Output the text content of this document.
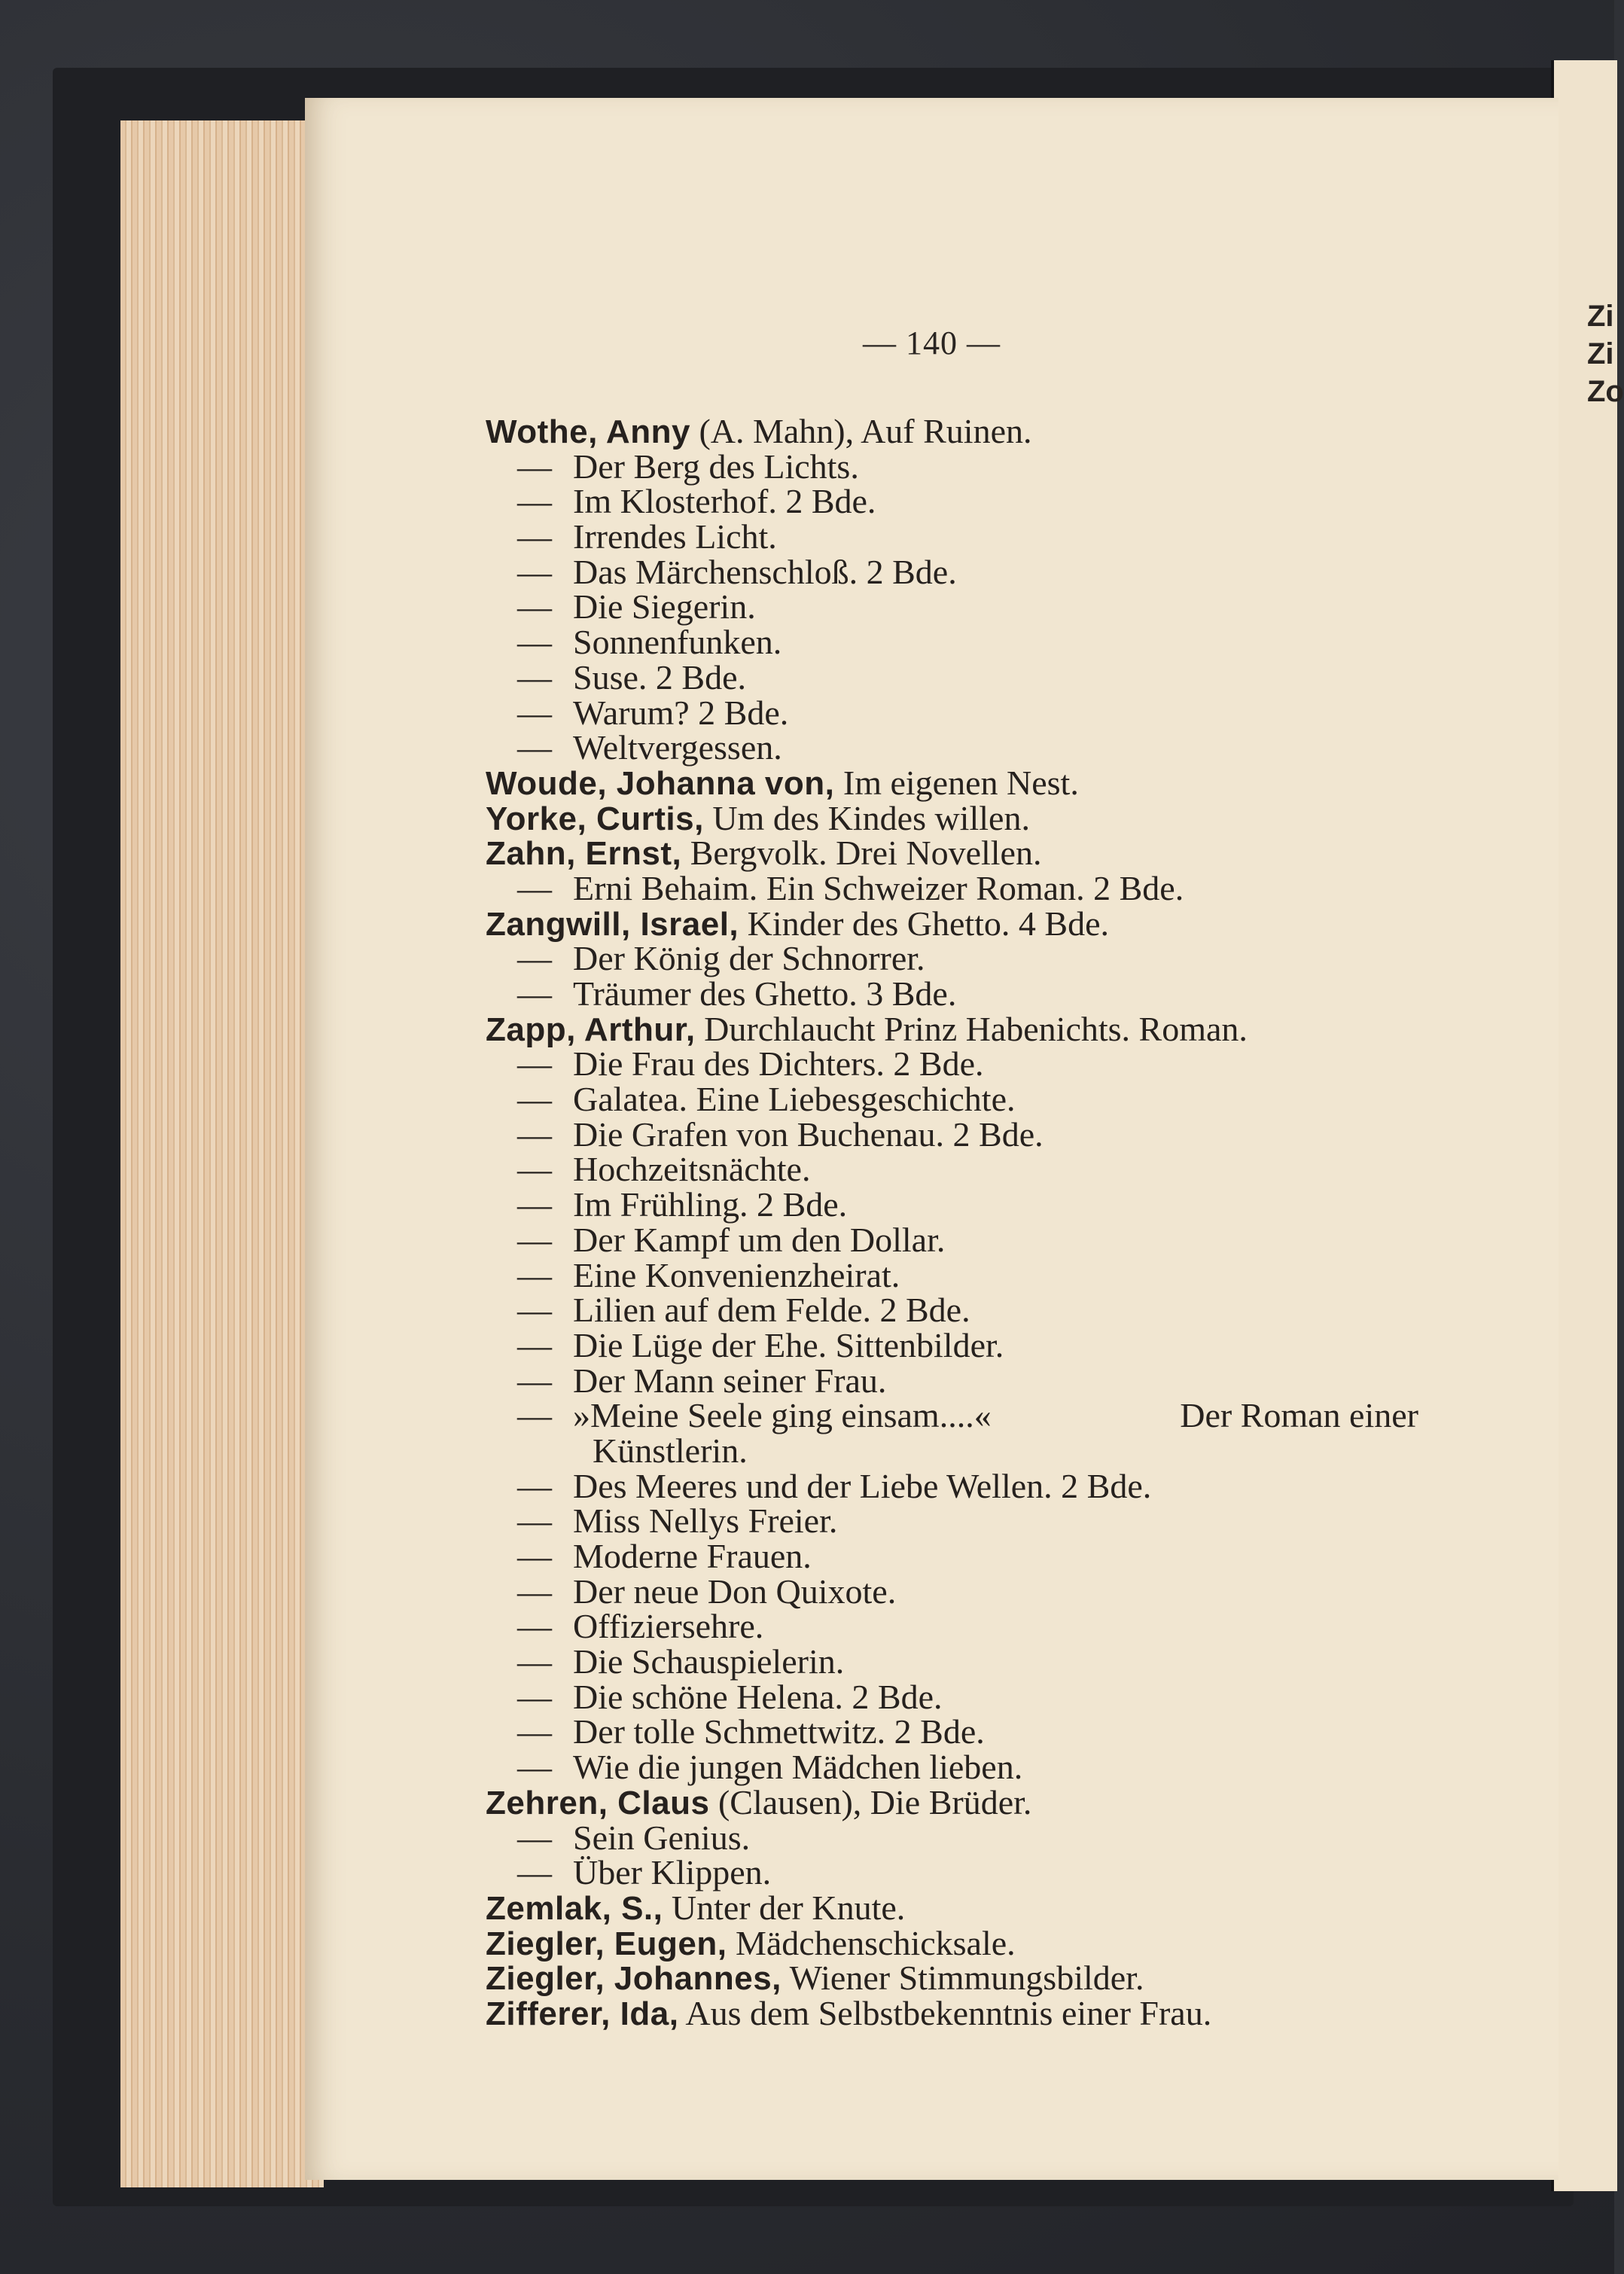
Zi
Zi
Zo
— 140 —
Wothe, Anny (A. Mahn), Auf Ruinen.
— Der Berg des Lichts.
— Im Klosterhof. 2 Bde.
— Irrendes Licht.
— Das Märchenschloß. 2 Bde.
— Die Siegerin.
— Sonnenfunken.
— Suse. 2 Bde.
— Warum? 2 Bde.
— Weltvergessen.
Woude, Johanna von, Im eigenen Nest.
Yorke, Curtis, Um des Kindes willen.
Zahn, Ernst, Bergvolk. Drei Novellen.
— Erni Behaim. Ein Schweizer Roman. 2 Bde.
Zangwill, Israel, Kinder des Ghetto. 4 Bde.
— Der König der Schnorrer.
— Träumer des Ghetto. 3 Bde.
Zapp, Arthur, Durchlaucht Prinz Habenichts. Roman.
— Die Frau des Dichters. 2 Bde.
— Galatea. Eine Liebesgeschichte.
— Die Grafen von Buchenau. 2 Bde.
— Hochzeitsnächte.
— Im Frühling. 2 Bde.
— Der Kampf um den Dollar.
— Eine Konvenienzheirat.
— Lilien auf dem Felde. 2 Bde.
— Die Lüge der Ehe. Sittenbilder.
— Der Mann seiner Frau.
— »Meine Seele ging einsam....«	Der Roman einer
Künstlerin.
— Des Meeres und der Liebe Wellen. 2 Bde.
— Miss Nellys Freier.
— Moderne Frauen.
— Der neue Don Quixote.
— Offiziersehre.
— Die Schauspielerin.
— Die schöne Helena. 2 Bde.
— Der tolle Schmettwitz. 2 Bde.
— Wie die jungen Mädchen lieben.
Zehren, Claus (Clausen), Die Brüder.
— Sein Genius.
— Über Klippen.
Zemlak, S., Unter der Knute.
Ziegler, Eugen, Mädchenschicksale.
Ziegler, Johannes, Wiener Stimmungsbilder.
Zifferer, Ida, Aus dem Selbstbekenntnis einer Frau.
